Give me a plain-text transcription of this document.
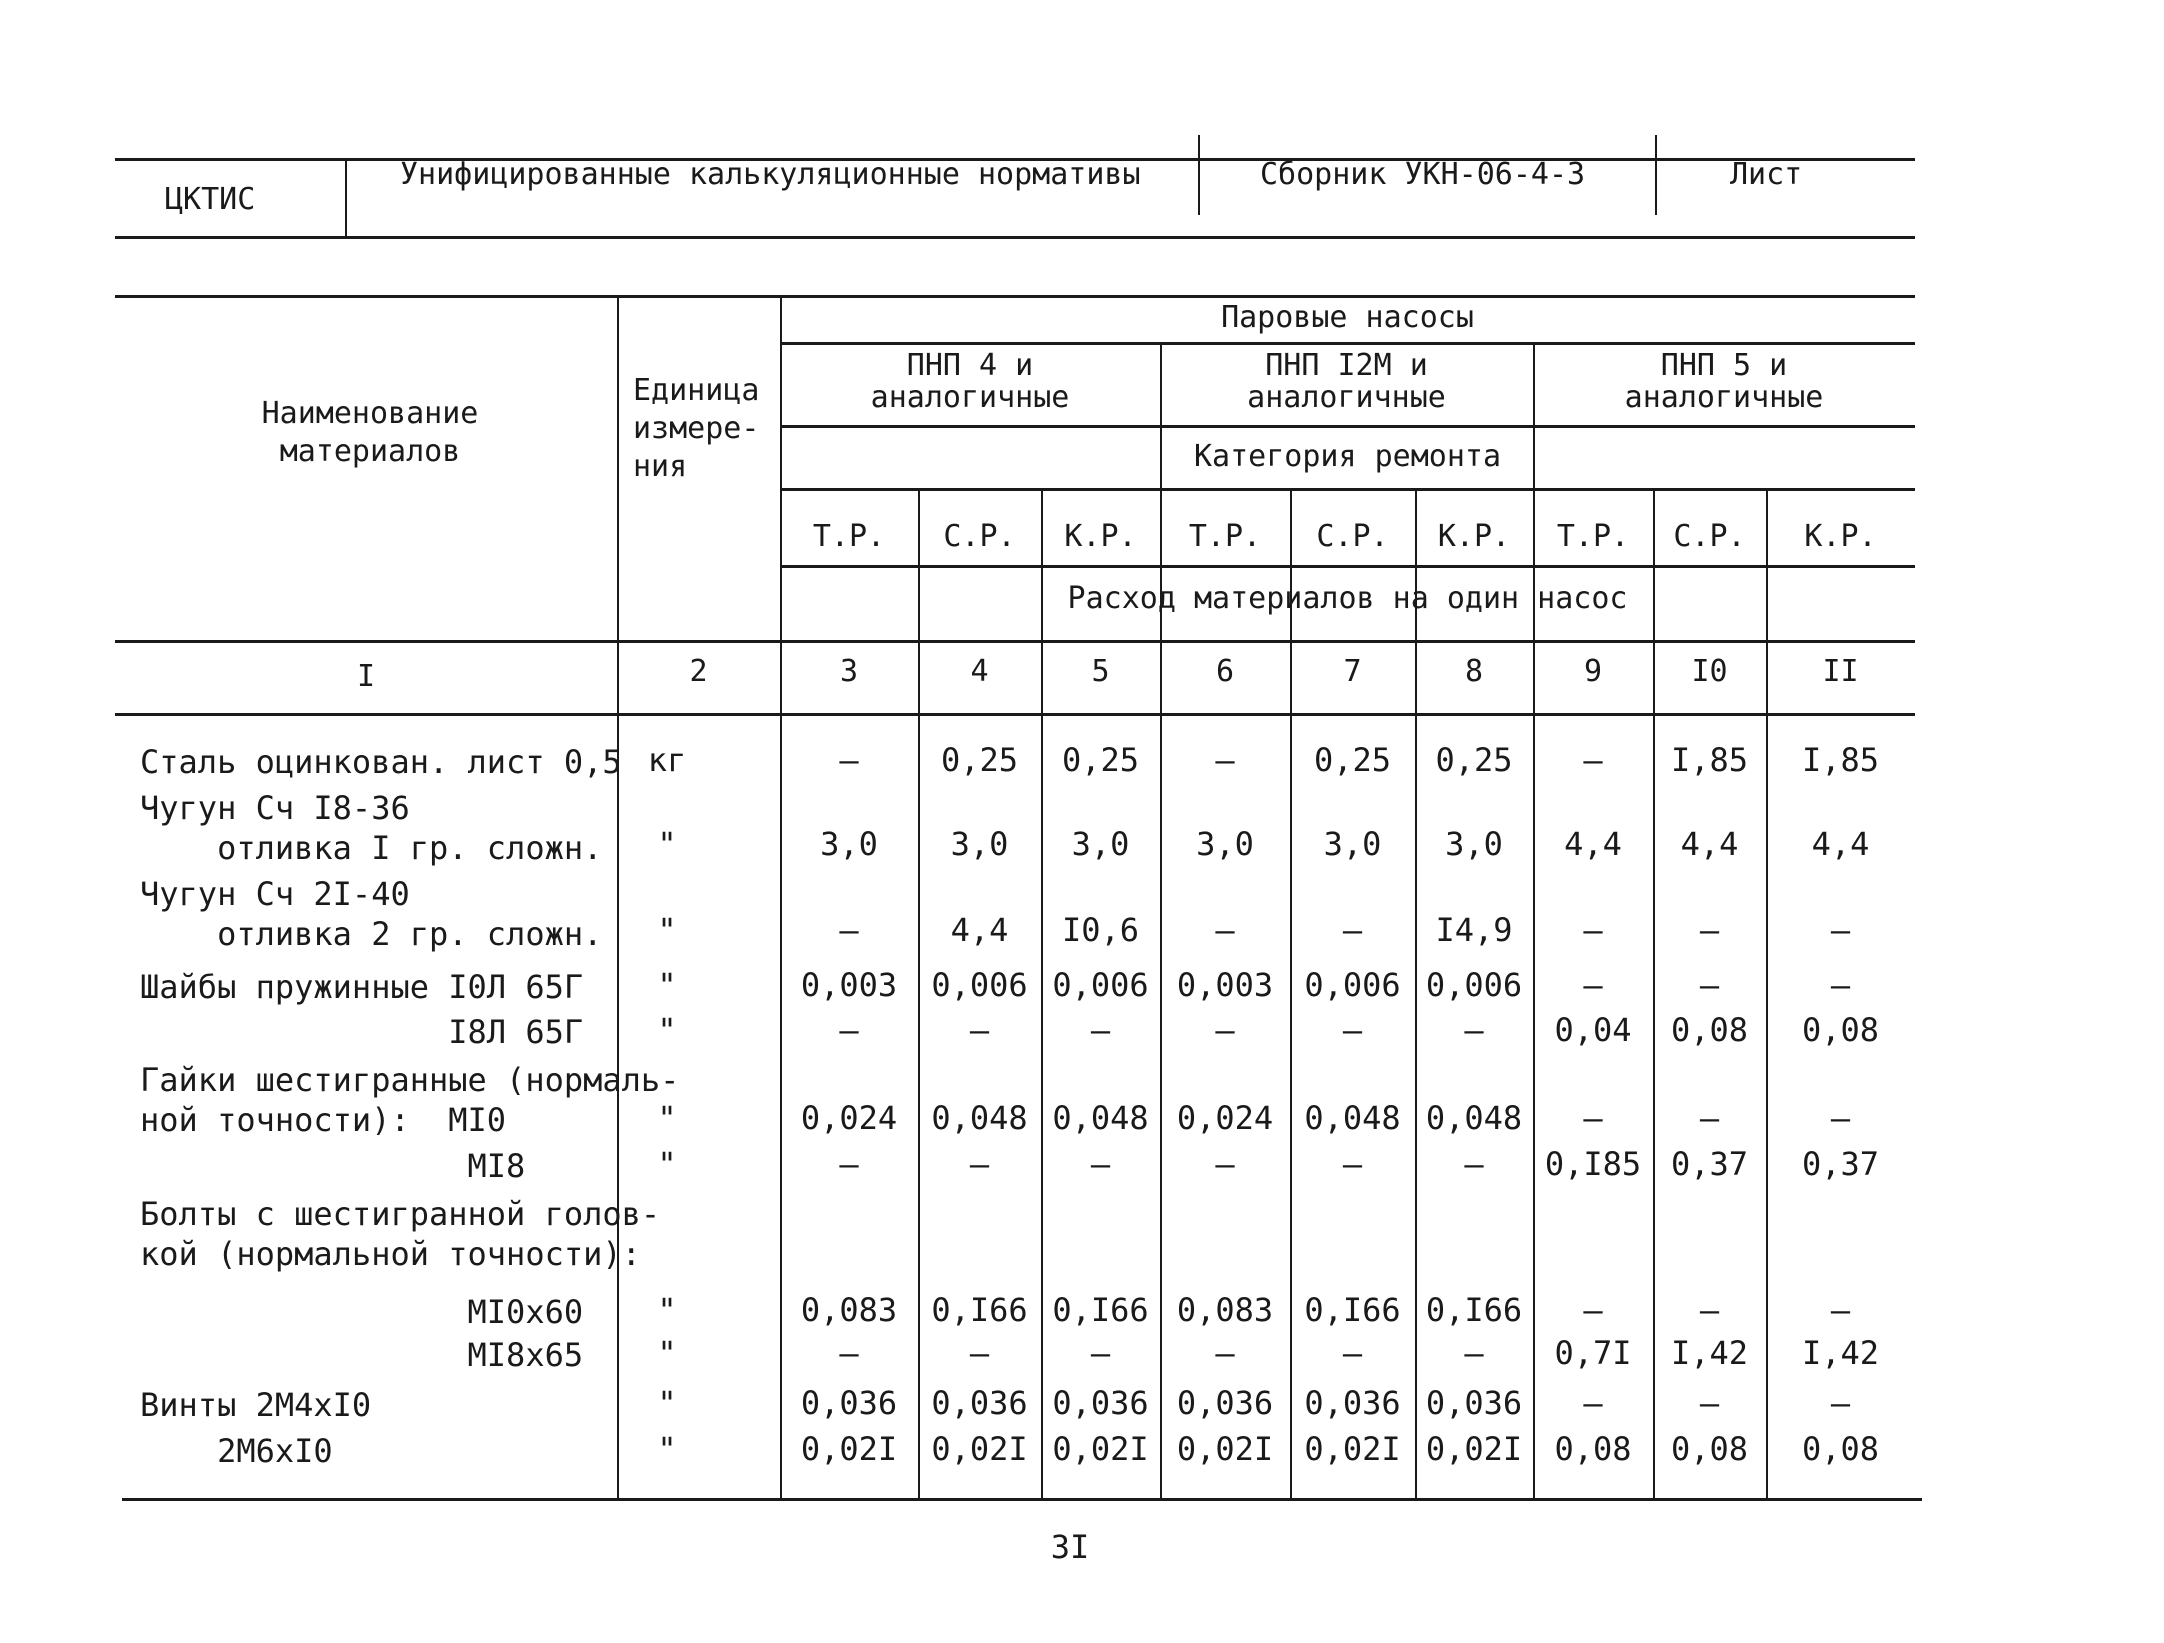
ЦКТИС
Унифицированные калькуляционные нормативы	Сборник УКН-06-4-3	Лист
Наименование
материалов
Единица
измере-
ния
Паровые насосы
ПНП 4 и
аналогичные
ПНП I2М и
аналогичные
ПНП 5 и
аналогичные
Категория ремонта
Т.Р.	С.Р.	К.Р.	Т.Р.	С.Р.	К.Р.	Т.Р.	С.Р.	К.Р.
Расход материалов на один насос
I	2	3	4	5	6	7	8	9	I0	II
Сталь оцинкован. лист 0,5 кг	–	0,25	0,25	–	0,25	0,25	–	I,85	I,85
Чугун Сч I8-36
отливка I гр. сложн.	"	3,0	3,0	3,0	3,0	3,0	3,0	4,4	4,4	4,4
Чугун Сч 2I-40
отливка 2 гр. сложн.	"	–	4,4	I0,6	–	–	I4,9	–	–	–
Шайбы пружинные I0Л 65Г	"	0,003	0,006 0,006 0,003 0,006 0,006	–	–	–
I8Л 65Г	"	–	–	–	–	–	–	0,04	0,08	0,08
Гайки шестигранные (нормаль-
ной точности):  МI0	"	0,024	0,048 0,048 0,024 0,048 0,048	–	–	–
МI8	"	–	–	–	–	–	–	0,I85 0,37	0,37
Болты с шестигранной голов-
кой (нормальной точности):
МI0х60	"	0,083	0,I66 0,I66 0,083 0,I66 0,I66	–	–	–
МI8х65	"	–	–	–	–	–	–	0,7I	I,42	I,42
Винты 2М4хI0	"	0,036	0,036 0,036 0,036 0,036 0,036	–	–	–
2М6хI0	"	0,02I	0,02I 0,02I 0,02I 0,02I 0,02I	0,08	0,08	0,08
3I
